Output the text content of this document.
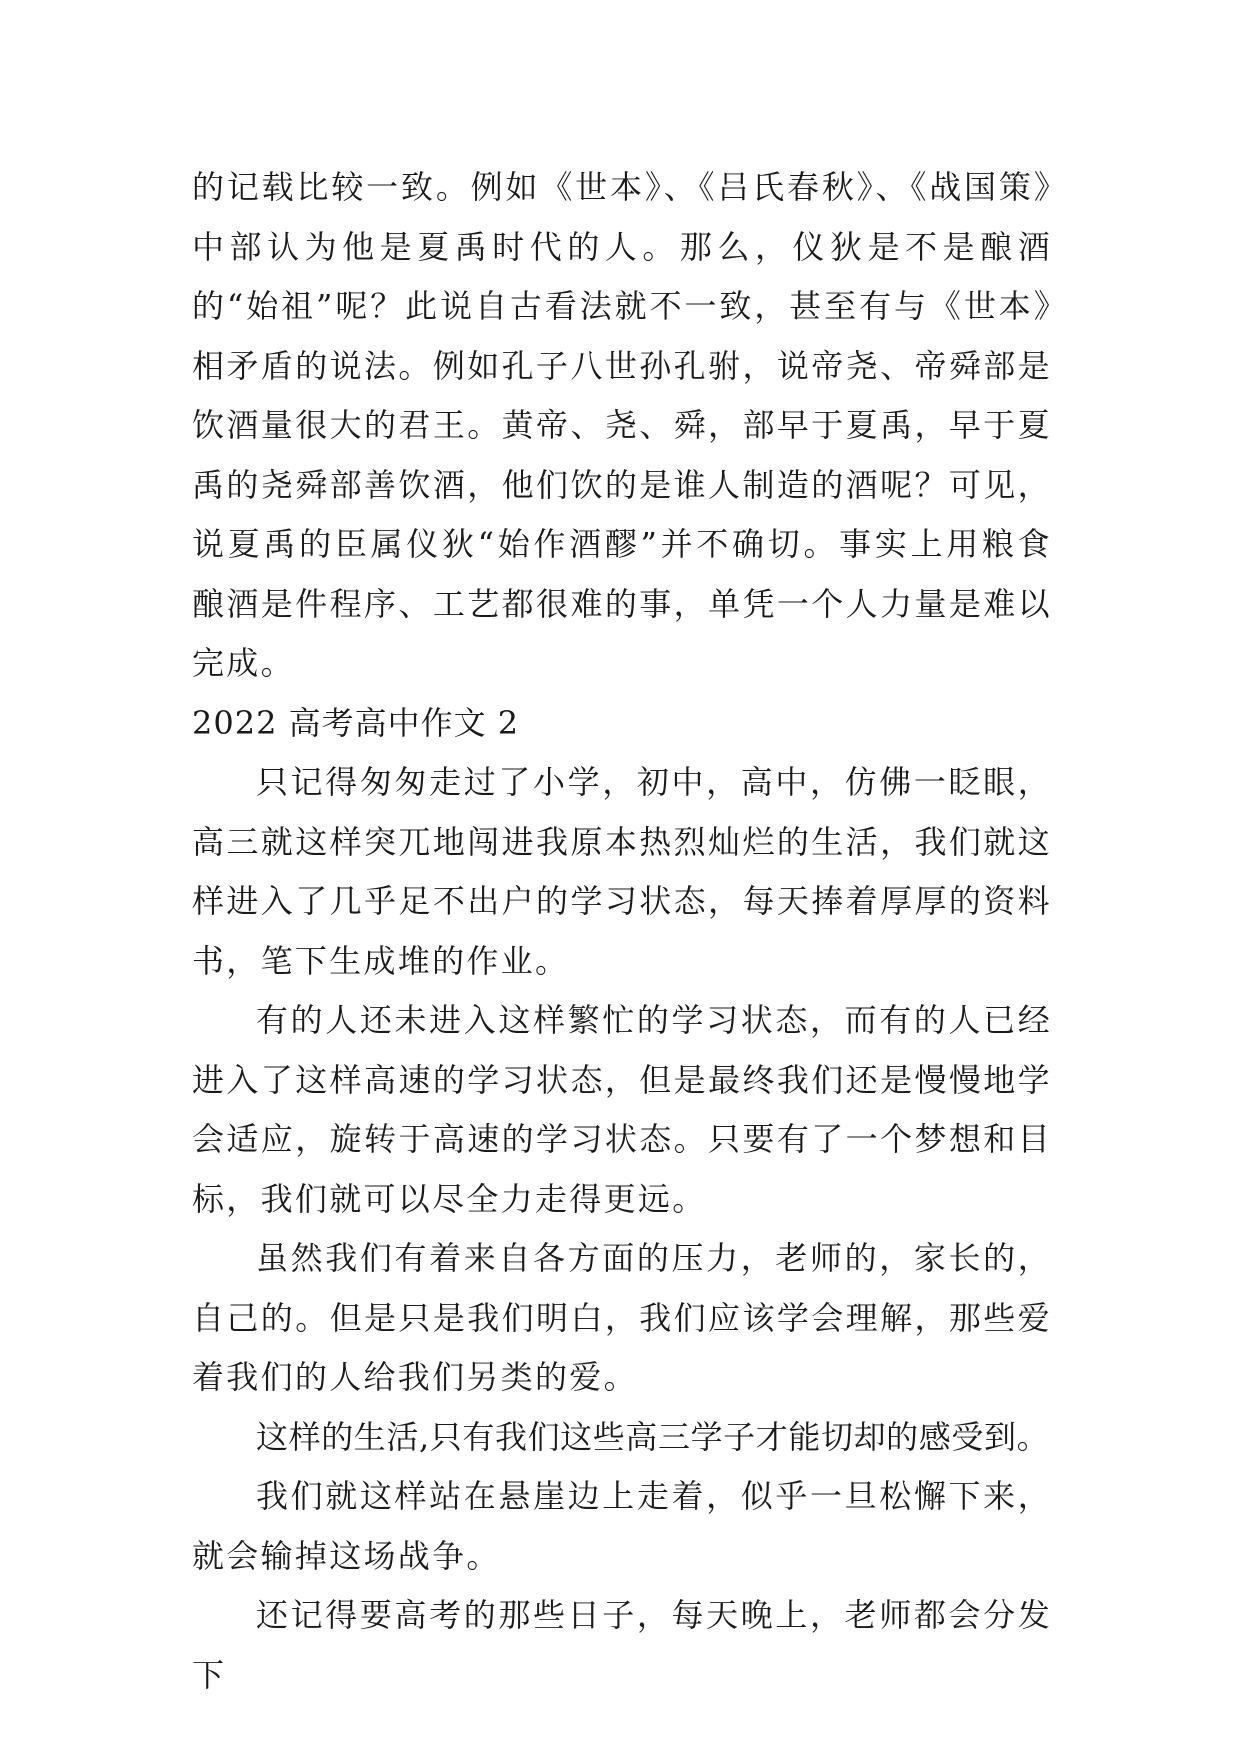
的记载比较一致。例如《世本》、《吕氏春秋》、《战国策》中部认为他是夏禹时代的人。那么，仪狄是不是酿酒的“始祖”呢？此说自古看法就不一致，甚至有与《世本》相矛盾的说法。例如孔子八世孙孔驸，说帝尧、帝舜部是饮酒量很大的君王。黄帝、尧、舜，部早于夏禹，早于夏禹的尧舜部善饮酒，他们饮的是谁人制造的酒呢？可见，说夏禹的臣属仪狄“始作酒醪”并不确切。事实上用粮食酿酒是件程序、工艺都很难的事，单凭一个人力量是难以完成。

2022 高考高中作文 2

只记得匆匆走过了小学，初中，高中，仿佛一眨眼，高三就这样突兀地闯进我原本热烈灿烂的生活，我们就这样进入了几乎足不出户的学习状态，每天捧着厚厚的资料书，笔下生成堆的作业。

有的人还未进入这样繁忙的学习状态，而有的人已经进入了这样高速的学习状态，但是最终我们还是慢慢地学会适应，旋转于高速的学习状态。只要有了一个梦想和目标，我们就可以尽全力走得更远。

虽然我们有着来自各方面的压力，老师的，家长的，自己的。但是只是我们明白，我们应该学会理解，那些爱着我们的人给我们另类的爱。

这样的生活,只有我们这些高三学子才能切却的感受到。

我们就这样站在悬崖边上走着，似乎一旦松懈下来，就会输掉这场战争。

还记得要高考的那些日子，每天晚上，老师都会分发下
